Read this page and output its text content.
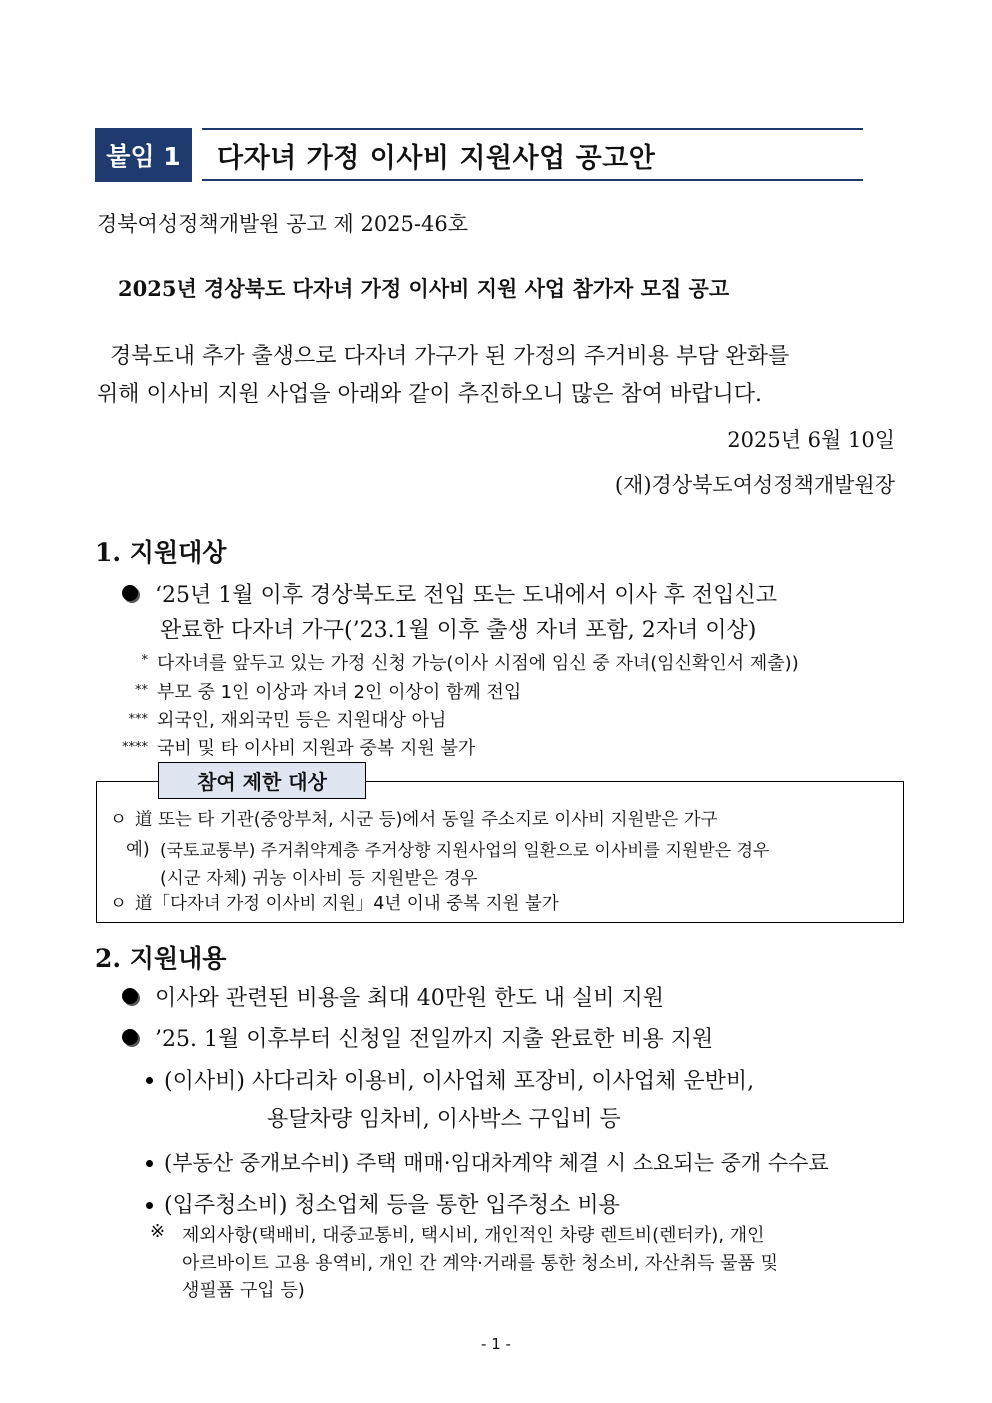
붙임 1	다자녀 가정 이사비 지원사업 공고안
경북여성정책개발원 공고 제 2025-46호
2025년 경상북도 다자녀 가정 이사비 지원 사업 참가자 모집 공고
경북도내 추가 출생으로 다자녀 가구가 된 가정의 주거비용 부담 완화를
위해 이사비 지원 사업을 아래와 같이 추진하오니 많은 참여 바랍니다.
2025년 6월 10일
(재)경상북도여성정책개발원장
1. 지원대상
‘25년 1월 이후 경상북도로 전입 또는 도내에서 이사 후 전입신고
완료한 다자녀 가구(’23.1월 이후 출생 자녀 포함, 2자녀 이상)
* 다자녀를 앞두고 있는 가정 신청 가능(이사 시점에 임신 중 자녀(임신확인서 제출))
** 부모 중 1인 이상과 자녀 2인 이상이 함께 전입
*** 외국인, 재외국민 등은 지원대상 아님
**** 국비 및 타 이사비 지원과 중복 지원 불가
참여 제한 대상
ㅇ 道 또는 타 기관(중앙부처, 시군 등)에서 동일 주소지로 이사비 지원받은 가구
예) (국토교통부) 주거취약계층 주거상향 지원사업의 일환으로 이사비를 지원받은 경우
(시군 자체) 귀농 이사비 등 지원받은 경우
ㅇ 道「다자녀 가정 이사비 지원」4년 이내 중복 지원 불가
2. 지원내용
이사와 관련된 비용을 최대 40만원 한도 내 실비 지원
’25. 1월 이후부터 신청일 전일까지 지출 완료한 비용 지원
(이사비) 사다리차 이용비, 이사업체 포장비, 이사업체 운반비,
용달차량 임차비, 이사박스 구입비 등
(부동산 중개보수비) 주택 매매·임대차계약 체결 시 소요되는 중개 수수료
(입주청소비) 청소업체 등을 통한 입주청소 비용
※ 제외사항(택배비, 대중교통비, 택시비, 개인적인 차량 렌트비(렌터카), 개인
아르바이트 고용 용역비, 개인 간 계약·거래를 통한 청소비, 자산취득 물품 및
생필품 구입 등)
- 1 -
